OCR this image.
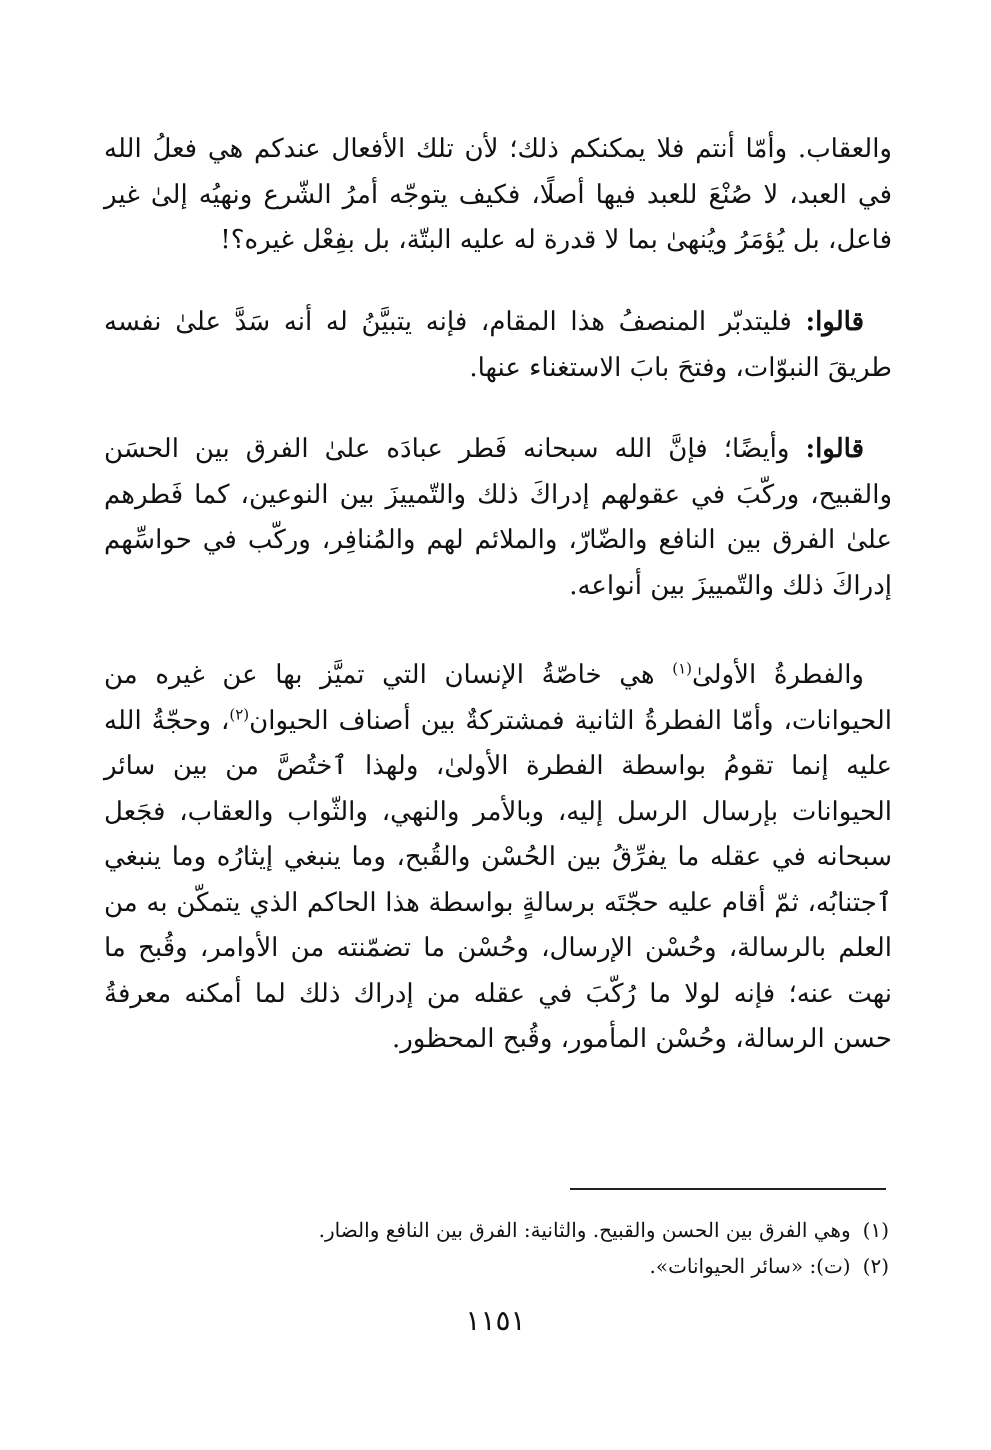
والعقاب. وأمّا أنتم فلا يمكنكم ذلك؛ لأن تلك الأفعال عندكم هي فعلُ الله في العبد، لا صُنْعَ للعبد فيها أصلًا، فكيف يتوجّه أمرُ الشّرع ونهيُه إلىٰ غير فاعل، بل يُؤمَرُ ويُنهىٰ بما لا قدرة له عليه البتّة، بل بفِعْل غيره؟!

قالوا: فليتدبّر المنصفُ هذا المقام، فإنه يتبيَّنُ له أنه سَدَّ علىٰ نفسه طريقَ النبوّات، وفتحَ بابَ الاستغناء عنها.

قالوا: وأيضًا؛ فإنَّ الله سبحانه فَطر عبادَه علىٰ الفرق بين الحسَن والقبيح، وركّبَ في عقولهم إدراكَ ذلك والتّمييزَ بين النوعين، كما فَطرهم علىٰ الفرق بين النافع والضّارّ، والملائم لهم والمُنافِر، وركّب في حواسِّهم إدراكَ ذلك والتّمييزَ بين أنواعه.

والفطرةُ الأولىٰ$^{(١)}$ هي خاصّةُ الإنسان التي تميَّز بها عن غيره من الحيوانات، وأمّا الفطرةُ الثانية فمشتركةٌ بين أصناف الحيوان$^{(٢)}$، وحجّةُ الله عليه إنما تقومُ بواسطة الفطرة الأولىٰ، ولهذا ٱختُصَّ من بين سائر الحيوانات بإرسال الرسل إليه، وبالأمر والنهي، والثّواب والعقاب، فجَعل سبحانه في عقله ما يفرِّقُ بين الحُسْن والقُبح، وما ينبغي إيثارُه وما ينبغي ٱجتنابُه، ثمّ أقام عليه حجّتَه برسالةٍ بواسطة هذا الحاكم الذي يتمكّن به من العلم بالرسالة، وحُسْن الإرسال، وحُسْن ما تضمّنته من الأوامر، وقُبح ما نهت عنه؛ فإنه لولا ما رُكّبَ في عقله من إدراك ذلك لما أمكنه معرفةُ حسن الرسالة، وحُسْن المأمور، وقُبح المحظور.

(١)وهي الفرق بين الحسن والقبيح. والثانية: الفرق بين النافع والضار.

(٢)(ت): «سائر الحيوانات».

١١٥١
